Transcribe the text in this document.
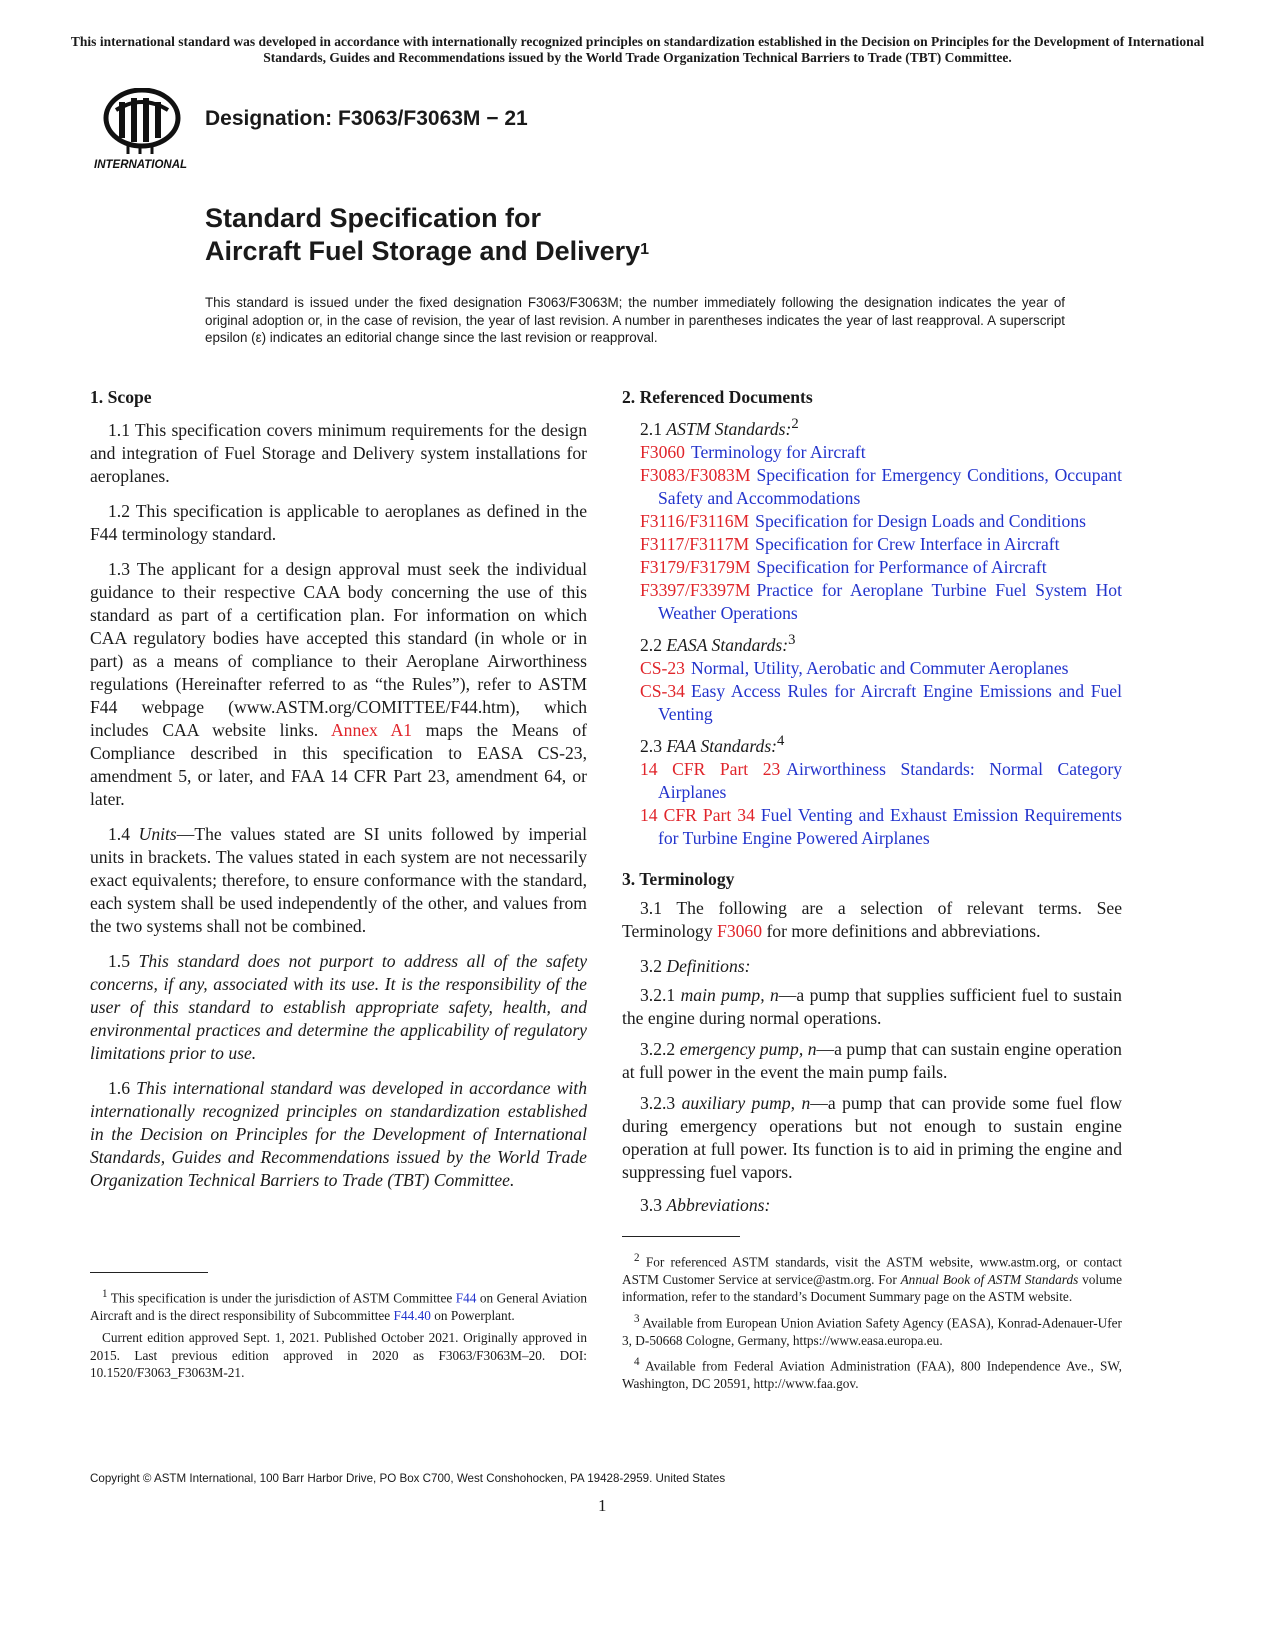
This international standard was developed in accordance with internationally recognized principles on standardization established in the Decision on Principles for the Development of International Standards, Guides and Recommendations issued by the World Trade Organization Technical Barriers to Trade (TBT) Committee.
INTERNATIONAL
Designation: F3063/F3063M − 21
Standard Specification for
Aircraft Fuel Storage and Delivery$^1$
This standard is issued under the fixed designation F3063/F3063M; the number immediately following the designation indicates the year of original adoption or, in the case of revision, the year of last revision. A number in parentheses indicates the year of last reapproval. A superscript epsilon (ε) indicates an editorial change since the last revision or reapproval.
1. Scope

1.1 This specification covers minimum requirements for the design and integration of Fuel Storage and Delivery system installations for aeroplanes.

1.2 This specification is applicable to aeroplanes as defined in the F44 terminology standard.

1.3 The applicant for a design approval must seek the individual guidance to their respective CAA body concerning the use of this standard as part of a certification plan. For information on which CAA regulatory bodies have accepted this standard (in whole or in part) as a means of compliance to their Aeroplane Airworthiness regulations (Hereinafter referred to as “the Rules”), refer to ASTM F44 webpage (www.ASTM.org/COMITTEE/F44.htm), which includes CAA website links. Annex A1 maps the Means of Compliance described in this specification to EASA CS-23, amendment 5, or later, and FAA 14 CFR Part 23, amendment 64, or later.

1.4 Units—The values stated are SI units followed by imperial units in brackets. The values stated in each system are not necessarily exact equivalents; therefore, to ensure conformance with the standard, each system shall be used independently of the other, and values from the two systems shall not be combined.

1.5 This standard does not purport to address all of the safety concerns, if any, associated with its use. It is the responsibility of the user of this standard to establish appropriate safety, health, and environmental practices and determine the applicability of regulatory limitations prior to use.

1.6 This international standard was developed in accordance with internationally recognized principles on standardization established in the Decision on Principles for the Development of International Standards, Guides and Recommendations issued by the World Trade Organization Technical Barriers to Trade (TBT) Committee.

2. Referenced Documents
2.1 ASTM Standards:$^2$

F3060 Terminology for Aircraft

F3083/F3083M Specification for Emergency Conditions, Occupant Safety and Accommodations

F3116/F3116M Specification for Design Loads and Conditions

F3117/F3117M Specification for Crew Interface in Aircraft

F3179/F3179M Specification for Performance of Aircraft

F3397/F3397M Practice for Aeroplane Turbine Fuel System Hot Weather Operations

2.2 EASA Standards:$^3$

CS-23 Normal, Utility, Aerobatic and Commuter Aeroplanes

CS-34 Easy Access Rules for Aircraft Engine Emissions and Fuel Venting

2.3 FAA Standards:$^4$

14 CFR Part 23 Airworthiness Standards: Normal Category Airplanes

14 CFR Part 34 Fuel Venting and Exhaust Emission Requirements for Turbine Engine Powered Airplanes

3. Terminology

3.1 The following are a selection of relevant terms. See Terminology F3060 for more definitions and abbreviations.

3.2 Definitions:

3.2.1 main pump, n—a pump that supplies sufficient fuel to sustain the engine during normal operations.

3.2.2 emergency pump, n—a pump that can sustain engine operation at full power in the event the main pump fails.

3.2.3 auxiliary pump, n—a pump that can provide some fuel flow during emergency operations but not enough to sustain engine operation at full power. Its function is to aid in priming the engine and suppressing fuel vapors.

3.3 Abbreviations:

$^1$ This specification is under the jurisdiction of ASTM Committee F44 on General Aviation Aircraft and is the direct responsibility of Subcommittee F44.40 on Powerplant.

Current edition approved Sept. 1, 2021. Published October 2021. Originally approved in 2015. Last previous edition approved in 2020 as F3063/F3063M–20. DOI: 10.1520/F3063_F3063M-21.

$^2$ For referenced ASTM standards, visit the ASTM website, www.astm.org, or contact ASTM Customer Service at service@astm.org. For Annual Book of ASTM Standards volume information, refer to the standard’s Document Summary page on the ASTM website.

$^3$ Available from European Union Aviation Safety Agency (EASA), Konrad-Adenauer-Ufer 3, D-50668 Cologne, Germany, https://www.easa.europa.eu.

$^4$ Available from Federal Aviation Administration (FAA), 800 Independence Ave., SW, Washington, DC 20591, http://www.faa.gov.

Copyright © ASTM International, 100 Barr Harbor Drive, PO Box C700, West Conshohocken, PA 19428-2959. United States
1
